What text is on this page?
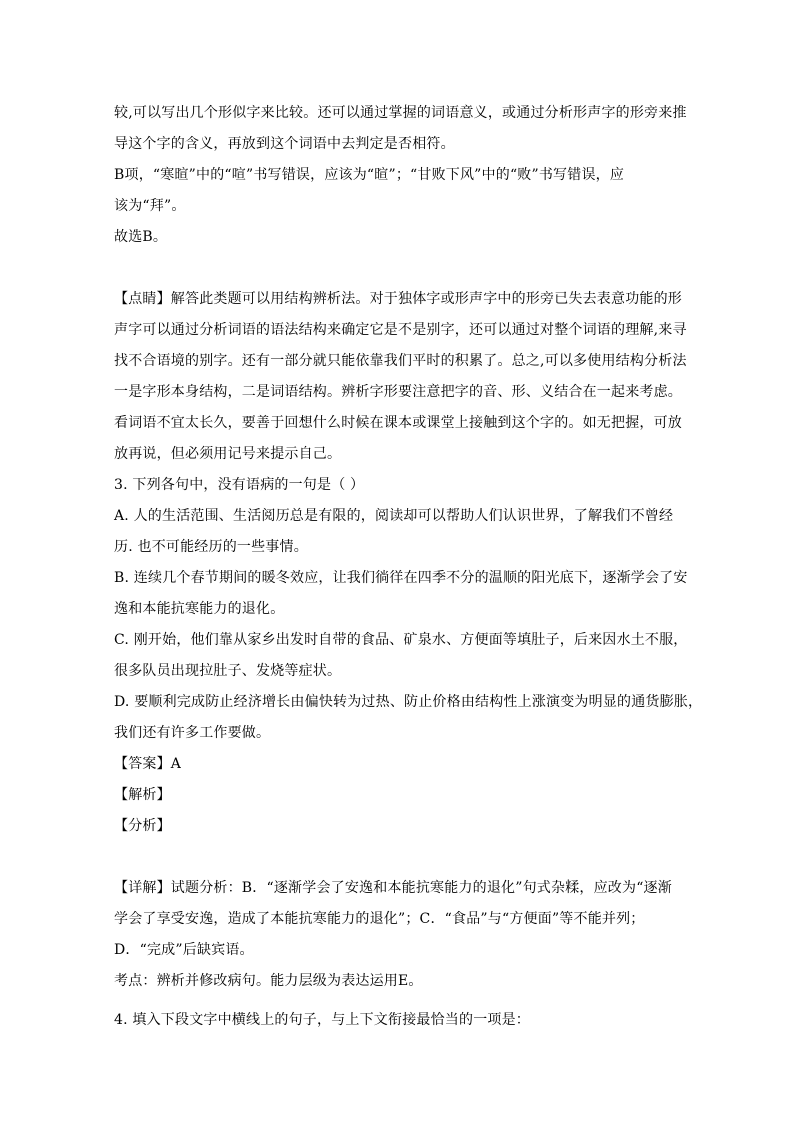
较,可以写出几个形似字来比较。还可以通过掌握的词语意义，或通过分析形声字的形旁来推
导这个字的含义，再放到这个词语中去判定是否相符。
B项，“寒暄”中的“喧”书写错误，应该为“暄”；“甘败下风”中的“败”书写错误，应
该为“拜”。
故选B。
【点睛】解答此类题可以用结构辨析法。对于独体字或形声字中的形旁已失去表意功能的形
声字可以通过分析词语的语法结构来确定它是不是别字，还可以通过对整个词语的理解,来寻
找不合语境的别字。还有一部分就只能依靠我们平时的积累了。总之,可以多使用结构分析法
一是字形本身结构，二是词语结构。辨析字形要注意把字的音、形、义结合在一起来考虑。
看词语不宜太长久，要善于回想什么时候在课本或课堂上接触到这个字的。如无把握，可放
放再说，但必须用记号来提示自己。
3. 下列各句中，没有语病的一句是（ ）
A. 人的生活范围、生活阅历总是有限的，阅读却可以帮助人们认识世界，了解我们不曾经
历. 也不可能经历的一些事情。
B. 连续几个春节期间的暖冬效应，让我们徜徉在四季不分的温顺的阳光底下，逐渐学会了安
逸和本能抗寒能力的退化。
C. 刚开始，他们靠从家乡出发时自带的食品、矿泉水、方便面等填肚子，后来因水土不服，
很多队员出现拉肚子、发烧等症状。
D. 要顺利完成防止经济增长由偏快转为过热、防止价格由结构性上涨演变为明显的通货膨胀，
我们还有许多工作要做。
【答案】A
【解析】
【分析】
【详解】试题分析：B．“逐渐学会了安逸和本能抗寒能力的退化”句式杂糅，应改为“逐渐
学会了享受安逸，造成了本能抗寒能力的退化”；C．“食品”与“方便面”等不能并列；
D．“完成”后缺宾语。
考点：辨析并修改病句。能力层级为表达运用E。
4. 填入下段文字中横线上的句子，与上下文衔接最恰当的一项是：
